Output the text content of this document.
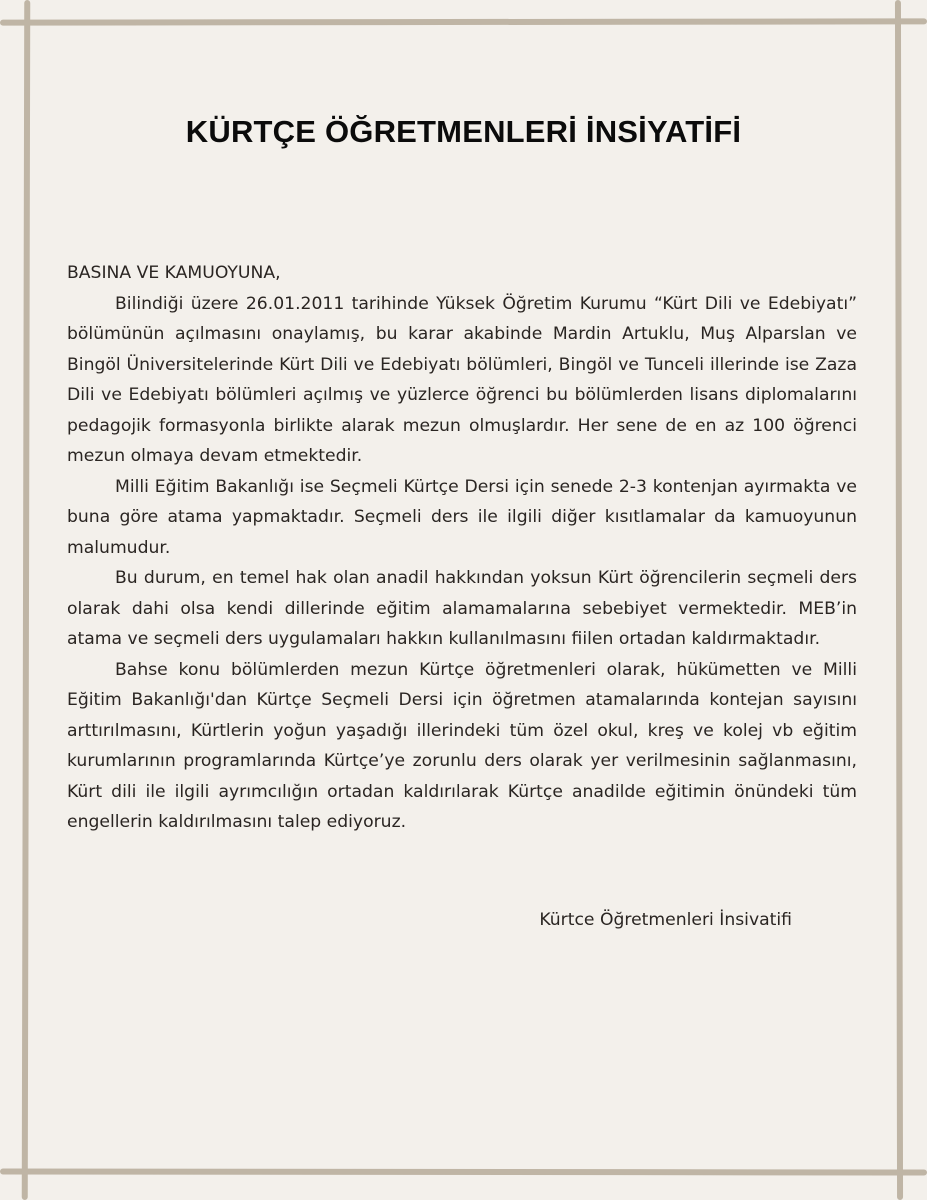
KÜRTÇE ÖĞRETMENLERİ İNSİYATİFİ

BASINA VE KAMUOYUNA,

Bilindiği üzere 26.01.2011 tarihinde Yüksek Öğretim Kurumu “Kürt Dili ve Edebiyatı” bölümünün açılmasını onaylamış, bu karar akabinde Mardin Artuklu, Muş Alparslan ve Bingöl Üniversitelerinde Kürt Dili ve Edebiyatı bölümleri, Bingöl ve Tunceli illerinde ise Zaza Dili ve Edebiyatı bölümleri açılmış ve yüzlerce öğrenci bu bölümlerden lisans diplomalarını pedagojik formasyonla birlikte alarak mezun olmuşlardır. Her sene de en az 100 öğrenci mezun olmaya devam etmektedir.

Milli Eğitim Bakanlığı ise Seçmeli Kürtçe Dersi için senede 2-3 kontenjan ayırmakta ve buna göre atama yapmaktadır. Seçmeli ders ile ilgili diğer kısıtlamalar da kamuoyunun malumudur.

Bu durum, en temel hak olan anadil hakkından yoksun Kürt öğrencilerin seçmeli ders olarak dahi olsa kendi dillerinde eğitim alamamalarına sebebiyet vermektedir. MEB’in atama ve seçmeli ders uygulamaları hakkın kullanılmasını fiilen ortadan kaldırmaktadır.

Bahse konu bölümlerden mezun Kürtçe öğretmenleri olarak, hükümetten ve Milli Eğitim Bakanlığı'dan Kürtçe Seçmeli Dersi için öğretmen atamalarında kontejan sayısını arttırılmasını, Kürtlerin yoğun yaşadığı illerindeki tüm özel okul, kreş ve kolej vb eğitim kurumlarının programlarında Kürtçe’ye zorunlu ders olarak yer verilmesinin sağlanmasını, Kürt dili ile ilgili ayrımcılığın ortadan kaldırılarak Kürtçe anadilde eğitimin önündeki tüm engellerin kaldırılmasını talep ediyoruz.

Kürtce Öğretmenleri İnsivatifi
